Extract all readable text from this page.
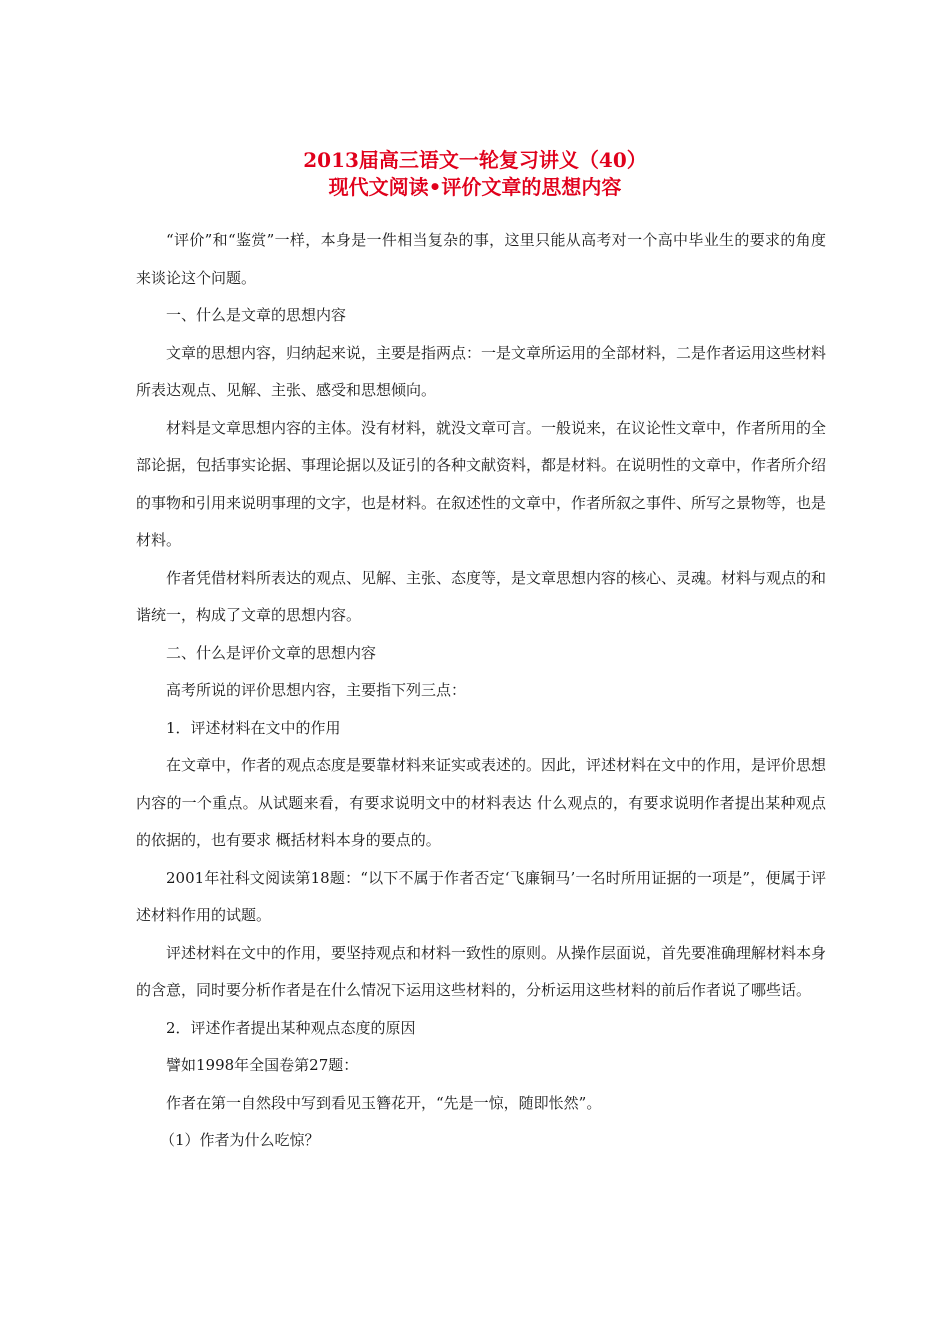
2013届高三语文一轮复习讲义（40）
现代文阅读•评价文章的思想内容

“评价”和“鉴赏”一样，本身是一件相当复杂的事，这里只能从高考对一个高中毕业生的要求的角度来谈论这个问题。

一、什么是文章的思想内容

文章的思想内容，归纳起来说，主要是指两点：一是文章所运用的全部材料，二是作者运用这些材料所表达观点、见解、主张、感受和思想倾向。

材料是文章思想内容的主体。没有材料，就没文章可言。一般说来，在议论性文章中，作者所用的全部论据，包括事实论据、事理论据以及证引的各种文献资料，都是材料。在说明性的文章中，作者所介绍的事物和引用来说明事理的文字，也是材料。在叙述性的文章中，作者所叙之事件、所写之景物等，也是材料。

作者凭借材料所表达的观点、见解、主张、态度等，是文章思想内容的核心、灵魂。材料与观点的和谐统一，构成了文章的思想内容。

二、什么是评价文章的思想内容

高考所说的评价思想内容，主要指下列三点：

1．评述材料在文中的作用

在文章中，作者的观点态度是要靠材料来证实或表述的。因此，评述材料在文中的作用，是评价思想内容的一个重点。从试题来看，有要求说明文中的材料表达 什么观点的，有要求说明作者提出某种观点的依据的，也有要求 概括材料本身的要点的。

2001年社科文阅读第18题：“以下不属于作者否定‘飞廉铜马’一名时所用证据的一项是”，便属于评述材料作用的试题。

评述材料在文中的作用，要坚持观点和材料一致性的原则。从操作层面说，首先要准确理解材料本身的含意，同时要分析作者是在什么情况下运用这些材料的，分析运用这些材料的前后作者说了哪些话。

2．评述作者提出某种观点态度的原因

譬如1998年全国卷第27题：

作者在第一自然段中写到看见玉簪花开，“先是一惊，随即怅然”。

（1）作者为什么吃惊？
